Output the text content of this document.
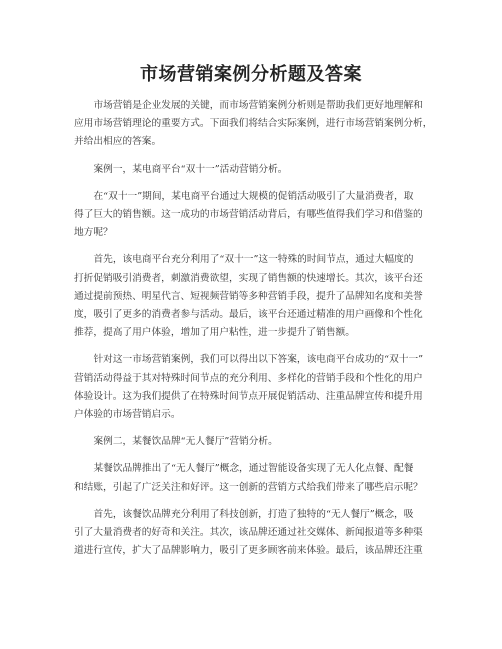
市场营销案例分析题及答案

市场营销是企业发展的关键，而市场营销案例分析则是帮助我们更好地理解和
应用市场营销理论的重要方式。下面我们将结合实际案例，进行市场营销案例分析，
并给出相应的答案。

案例一，某电商平台“双十一”活动营销分析。

在“双十一”期间，某电商平台通过大规模的促销活动吸引了大量消费者，取
得了巨大的销售额。这一成功的市场营销活动背后，有哪些值得我们学习和借鉴的
地方呢？

首先，该电商平台充分利用了“双十一”这一特殊的时间节点，通过大幅度的
打折促销吸引消费者，刺激消费欲望，实现了销售额的快速增长。其次，该平台还
通过提前预热、明星代言、短视频营销等多种营销手段，提升了品牌知名度和美誉
度，吸引了更多的消费者参与活动。最后，该平台还通过精准的用户画像和个性化
推荐，提高了用户体验，增加了用户粘性，进一步提升了销售额。

针对这一市场营销案例，我们可以得出以下答案，该电商平台成功的“双十一”
营销活动得益于其对特殊时间节点的充分利用、多样化的营销手段和个性化的用户
体验设计。这为我们提供了在特殊时间节点开展促销活动、注重品牌宣传和提升用
户体验的市场营销启示。

案例二，某餐饮品牌“无人餐厅”营销分析。

某餐饮品牌推出了“无人餐厅”概念，通过智能设备实现了无人化点餐、配餐
和结账，引起了广泛关注和好评。这一创新的营销方式给我们带来了哪些启示呢？

首先，该餐饮品牌充分利用了科技创新，打造了独特的“无人餐厅”概念，吸
引了大量消费者的好奇和关注。其次，该品牌还通过社交媒体、新闻报道等多种渠
道进行宣传，扩大了品牌影响力，吸引了更多顾客前来体验。最后，该品牌还注重
